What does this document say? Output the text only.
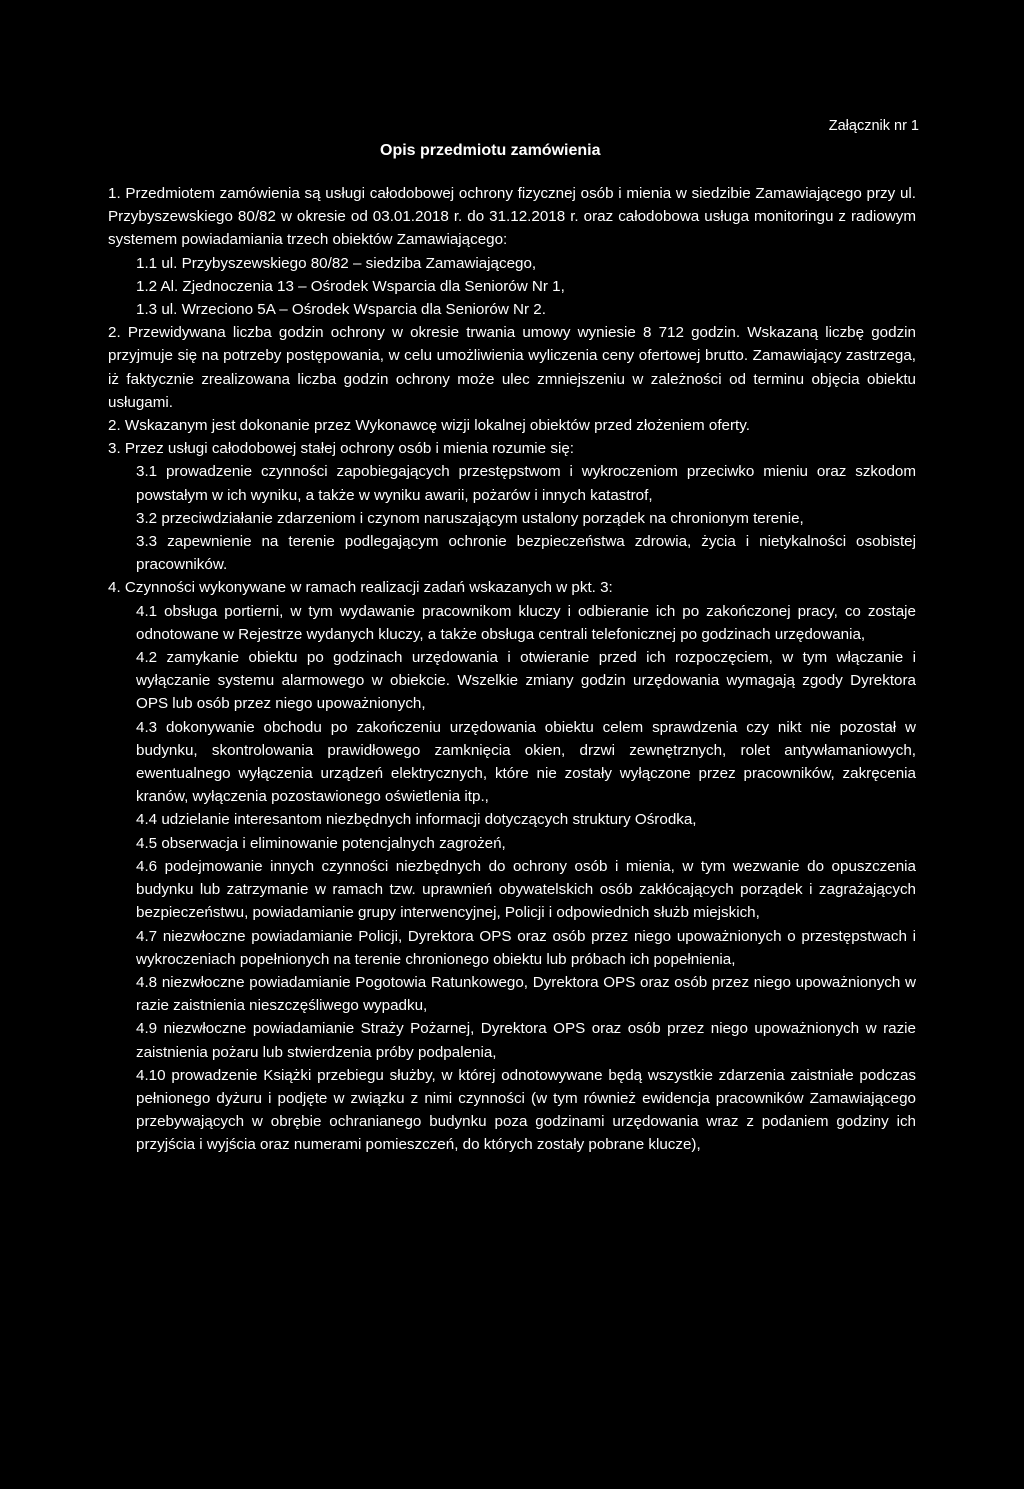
Załącznik nr 1
Opis przedmiotu zamówienia

1. Przedmiotem zamówienia są usługi całodobowej ochrony fizycznej osób i mienia w siedzibie Zamawiającego przy ul. Przybyszewskiego 80/82 w okresie od 03.01.2018 r. do 31.12.2018 r. oraz całodobowa usługa monitoringu z radiowym systemem powiadamiania trzech obiektów Zamawiającego:

1.1 ul. Przybyszewskiego 80/82 – siedziba Zamawiającego,

1.2 Al. Zjednoczenia 13 – Ośrodek Wsparcia dla Seniorów Nr 1,

1.3 ul. Wrzeciono 5A – Ośrodek Wsparcia dla Seniorów Nr 2.

2. Przewidywana liczba godzin ochrony w okresie trwania umowy wyniesie 8 712 godzin. Wskazaną liczbę godzin przyjmuje się na potrzeby postępowania, w celu umożliwienia wyliczenia ceny ofertowej brutto. Zamawiający zastrzega, iż faktycznie zrealizowana liczba godzin ochrony może ulec zmniejszeniu w zależności od terminu objęcia obiektu usługami.

2. Wskazanym jest dokonanie przez Wykonawcę wizji lokalnej obiektów przed złożeniem oferty.

3. Przez usługi całodobowej stałej ochrony osób i mienia rozumie się:

3.1 prowadzenie czynności zapobiegających przestępstwom i wykroczeniom przeciwko mieniu oraz szkodom powstałym w ich wyniku, a także w wyniku awarii, pożarów i innych katastrof,

3.2 przeciwdziałanie zdarzeniom i czynom naruszającym ustalony porządek na chronionym terenie,

3.3 zapewnienie na terenie podlegającym ochronie bezpieczeństwa zdrowia, życia i nietykalności osobistej pracowników.

4. Czynności wykonywane w ramach realizacji zadań wskazanych w pkt. 3:

4.1 obsługa portierni, w tym wydawanie pracownikom kluczy i odbieranie ich po zakończonej pracy, co zostaje odnotowane w Rejestrze wydanych kluczy, a także obsługa centrali telefonicznej po godzinach urzędowania,

4.2 zamykanie obiektu po godzinach urzędowania i otwieranie przed ich rozpoczęciem, w tym włączanie i wyłączanie systemu alarmowego w obiekcie. Wszelkie zmiany godzin urzędowania wymagają zgody Dyrektora OPS lub osób przez niego upoważnionych,

4.3 dokonywanie obchodu po zakończeniu urzędowania obiektu celem sprawdzenia czy nikt nie pozostał w budynku, skontrolowania prawidłowego zamknięcia okien, drzwi zewnętrznych, rolet antywłamaniowych, ewentualnego wyłączenia urządzeń elektrycznych, które nie zostały wyłączone przez pracowników, zakręcenia kranów, wyłączenia pozostawionego oświetlenia itp.,

4.4 udzielanie interesantom niezbędnych informacji dotyczących struktury Ośrodka,

4.5 obserwacja i eliminowanie potencjalnych zagrożeń,

4.6 podejmowanie innych czynności niezbędnych do ochrony osób i mienia, w tym wezwanie do opuszczenia budynku lub zatrzymanie w ramach tzw. uprawnień obywatelskich osób zakłócających porządek i zagrażających bezpieczeństwu, powiadamianie grupy interwencyjnej, Policji i odpowiednich służb miejskich,

4.7 niezwłoczne powiadamianie Policji, Dyrektora OPS oraz osób przez niego upoważnionych o przestępstwach i wykroczeniach popełnionych na terenie chronionego obiektu lub próbach ich popełnienia,

4.8 niezwłoczne powiadamianie Pogotowia Ratunkowego, Dyrektora OPS oraz osób przez niego upoważnionych w razie zaistnienia nieszczęśliwego wypadku,

4.9 niezwłoczne powiadamianie Straży Pożarnej, Dyrektora OPS oraz osób przez niego upoważnionych w razie zaistnienia pożaru lub stwierdzenia próby podpalenia,

4.10 prowadzenie Książki przebiegu służby, w której odnotowywane będą wszystkie zdarzenia zaistniałe podczas pełnionego dyżuru i podjęte w związku z nimi czynności (w tym również ewidencja pracowników Zamawiającego przebywających w obrębie ochranianego budynku poza godzinami urzędowania wraz z podaniem godziny ich przyjścia i wyjścia oraz numerami pomieszczeń, do których zostały pobrane klucze),
